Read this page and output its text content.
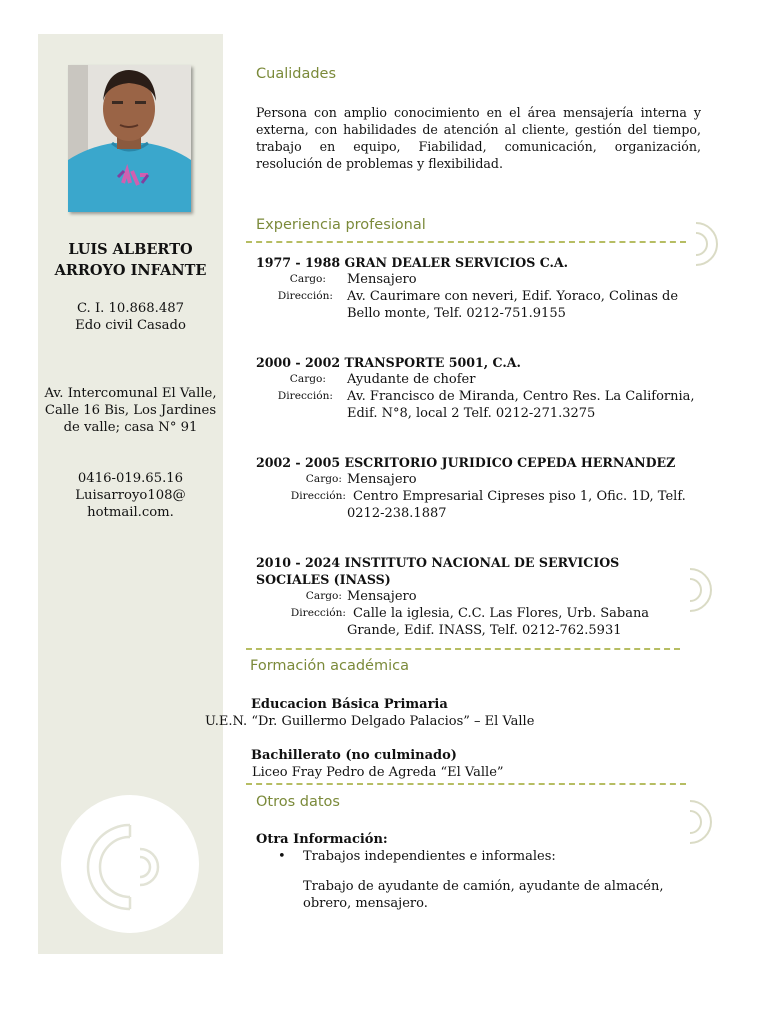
LUIS ALBERTO
ARROYO INFANTE
C. I. 10.868.487
Edo civil Casado
Av. Intercomunal El Valle,
Calle 16 Bis, Los Jardines
de valle; casa N° 91
0416-019.65.16
Luisarroyo108@
hotmail.com.
Cualidades
Persona con amplio conocimiento en el área mensajería interna y externa, con habilidades de atención al cliente, gestión del tiempo, trabajo en equipo, Fiabilidad, comunicación, organización, resolución de problemas y flexibilidad.
Experiencia profesional
1977 - 1988 GRAN DEALER SERVICIOS C.A.
Cargo: Mensajero
Dirección: Av. Caurimare con neveri, Edif. Yoraco, Colinas de Bello monte, Telf. 0212-751.9155
2000 - 2002 TRANSPORTE 5001, C.A.
Cargo: Ayudante de chofer
Dirección: Av. Francisco de Miranda, Centro Res. La California, Edif. N°8, local 2 Telf. 0212-271.3275
2002 - 2005 ESCRITORIO JURIDICO CEPEDA HERNANDEZ
Cargo: Mensajero
Dirección: Centro Empresarial Cipreses piso 1, Ofic. 1D, Telf. 0212-238.1887
2010 - 2024 INSTITUTO NACIONAL DE SERVICIOS SOCIALES (INASS)
Cargo: Mensajero
Dirección: Calle la iglesia, C.C. Las Flores, Urb. Sabana Grande, Edif. INASS, Telf. 0212-762.5931
Formación académica
Educacion Básica Primaria
U.E.N. “Dr. Guillermo Delgado Palacios” – El Valle
Bachillerato (no culminado)
Liceo Fray Pedro de Agreda “El Valle”
Otros datos
Otra Información:
• Trabajos independientes e informales:
Trabajo de ayudante de camión, ayudante de almacén, obrero, mensajero.
